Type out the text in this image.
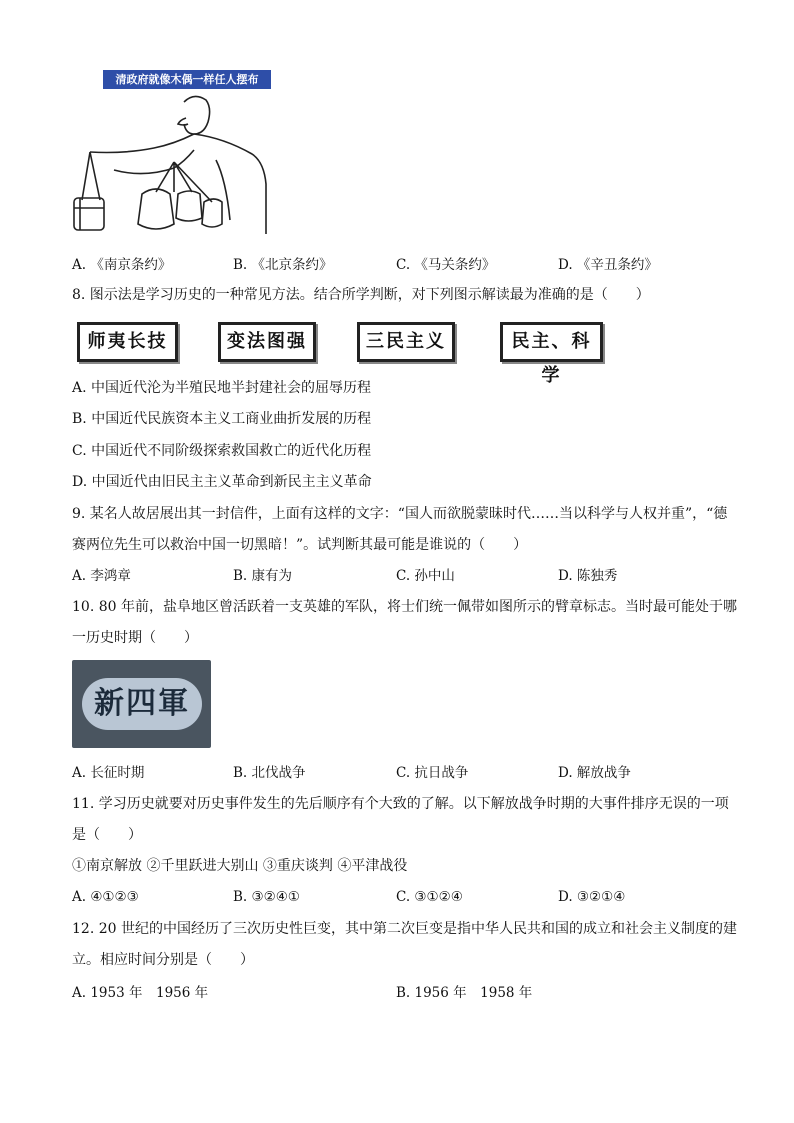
清政府就像木偶一样任人摆布
A. 《南京条约》	B. 《北京条约》	C. 《马关条约》	D. 《辛丑条约》
8. 图示法是学习历史的一种常见方法。结合所学判断，对下列图示解读最为准确的是（　　）
师夷长技	变法图强	三民主义	民主、科学
A. 中国近代沦为半殖民地半封建社会的屈辱历程
B. 中国近代民族资本主义工商业曲折发展的历程
C. 中国近代不同阶级探索救国救亡的近代化历程
D. 中国近代由旧民主主义革命到新民主主义革命
9. 某名人故居展出其一封信件，上面有这样的文字：“国人而欲脱蒙昧时代……当以科学与人权并重”，“德
赛两位先生可以救治中国一切黑暗！”。试判断其最可能是谁说的（　　）
A. 李鸿章	B. 康有为	C. 孙中山	D. 陈独秀
10. 80 年前，盐阜地区曾活跃着一支英雄的军队，将士们统一佩带如图所示的臂章标志。当时最可能处于哪
一历史时期（　　）
新四軍
A. 长征时期	B. 北伐战争	C. 抗日战争	D. 解放战争
11. 学习历史就要对历史事件发生的先后顺序有个大致的了解。以下解放战争时期的大事件排序无误的一项
是（　　）
①南京解放 ②千里跃进大别山 ③重庆谈判 ④平津战役
A. ④①②③	B. ③②④①	C. ③①②④	D. ③②①④
12. 20 世纪的中国经历了三次历史性巨变，其中第二次巨变是指中华人民共和国的成立和社会主义制度的建
立。相应时间分别是（　　）
A. 1953 年　1956 年	B. 1956 年　1958 年
